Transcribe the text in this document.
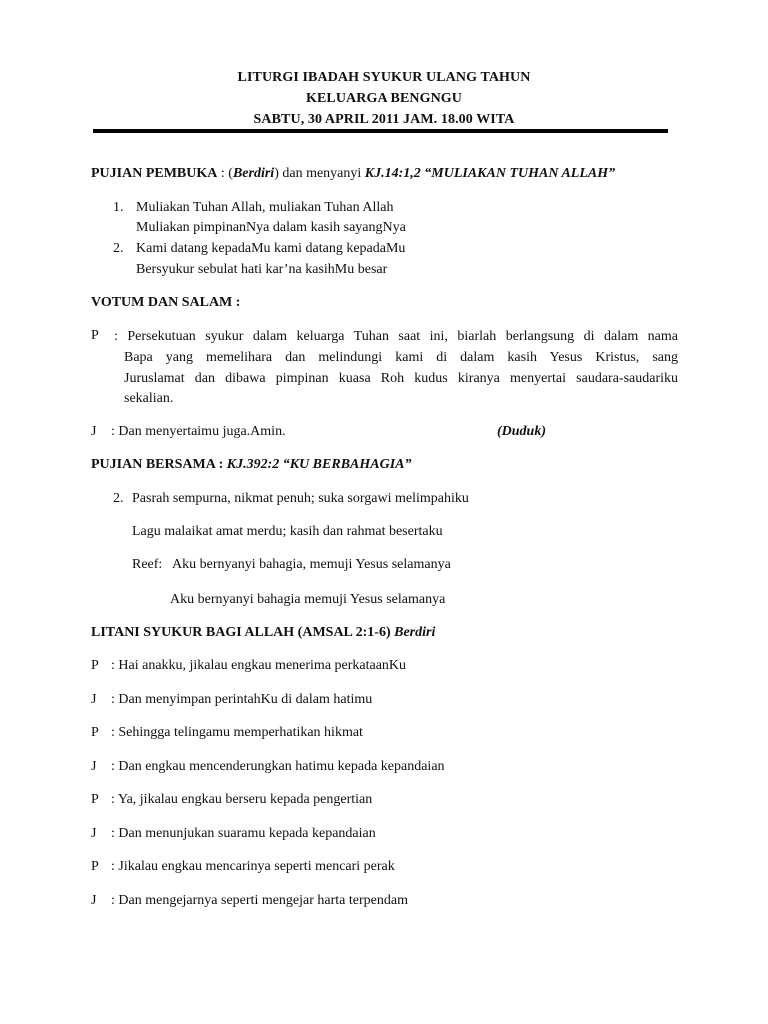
LITURGI IBADAH SYUKUR ULANG TAHUN
KELUARGA BENGNGU
SABTU, 30 APRIL 2011 JAM. 18.00 WITA
PUJIAN PEMBUKA : (Berdiri) dan menyanyi KJ.14:1,2 “MULIAKAN TUHAN ALLAH”
1. Muliakan Tuhan Allah, muliakan Tuhan Allah
Muliakan pimpinanNya dalam kasih sayangNya
2. Kami datang kepadaMu kami datang kepadaMu
Bersyukur sebulat hati kar’na kasihMu besar
VOTUM DAN SALAM :
P : Persekutuan syukur dalam keluarga Tuhan saat ini, biarlah berlangsung di dalam nama
Bapa yang memelihara dan melindungi kami di dalam kasih Yesus Kristus, sang
Juruslamat dan dibawa pimpinan kuasa Roh kudus kiranya menyertai saudara-saudariku
sekalian.
J : Dan menyertaimu juga.Amin.	(Duduk)
PUJIAN BERSAMA : KJ.392:2 “KU BERBAHAGIA”
2. Pasrah sempurna, nikmat penuh; suka sorgawi melimpahiku
Lagu malaikat amat merdu; kasih dan rahmat besertaku
Reef: Aku bernyanyi bahagia, memuji Yesus selamanya
Aku bernyanyi bahagia memuji Yesus selamanya
LITANI SYUKUR BAGI ALLAH (AMSAL 2:1-6) Berdiri
P : Hai anakku, jikalau engkau menerima perkataanKu
J : Dan menyimpan perintahKu di dalam hatimu
P : Sehingga telingamu memperhatikan hikmat
J : Dan engkau mencenderungkan hatimu kepada kepandaian
P : Ya, jikalau engkau berseru kepada pengertian
J : Dan menunjukan suaramu kepada kepandaian
P : Jikalau engkau mencarinya seperti mencari perak
J : Dan mengejarnya seperti mengejar harta terpendam
